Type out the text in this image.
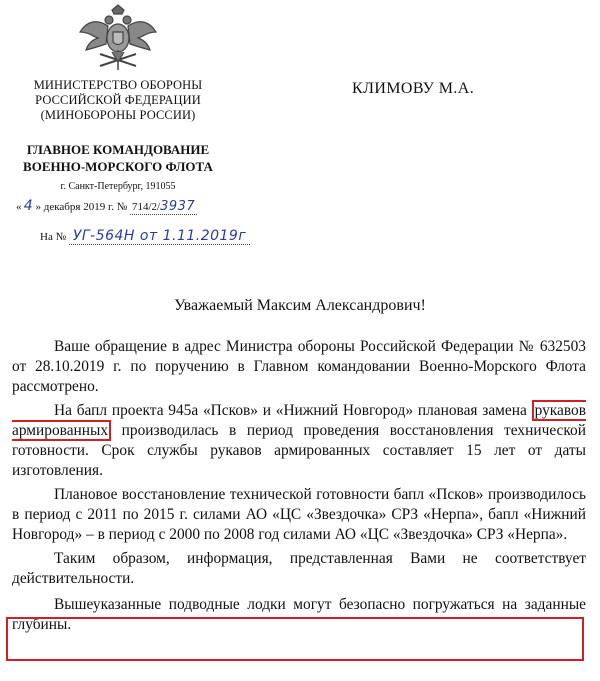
МИНИСТЕРСТВО ОБОРОНЫ
РОССИЙСКОЙ ФЕДЕРАЦИИ
(МИНОБОРОНЫ РОССИИ)
ГЛАВНОЕ КОМАНДОВАНИЕ
ВОЕННО-МОРСКОГО ФЛОТА
г. Санкт-Петербург, 191055
« 4 » декабря 2019 г. № 714/2/3937
На № УГ-564Н от 1.11.2019г
КЛИМОВУ М.А.
Уважаемый Максим Александрович!

Ваше обращение в адрес Министра обороны Российской Федерации № 632503 от 28.10.2019 г. по поручению в Главном командовании Военно-Морского Флота рассмотрено.

На бапл проекта 945а «Псков» и «Нижний Новгород» плановая замена рукавов армированных производилась в период проведения восстановления технической готовности. Срок службы рукавов армированных составляет 15 лет от даты изготовления.

Плановое восстановление технической готовности бапл «Псков» производилось в период с 2011 по 2015 г. силами АО «ЦС «Звездочка» СРЗ «Нерпа», бапл «Нижний Новгород» – в период с 2000 по 2008 год силами АО «ЦС «Звездочка» СРЗ «Нерпа».

Таким образом, информация, представленная Вами не соответствует действительности.

Вышеуказанные подводные лодки могут безопасно погружаться на заданные глубины.
